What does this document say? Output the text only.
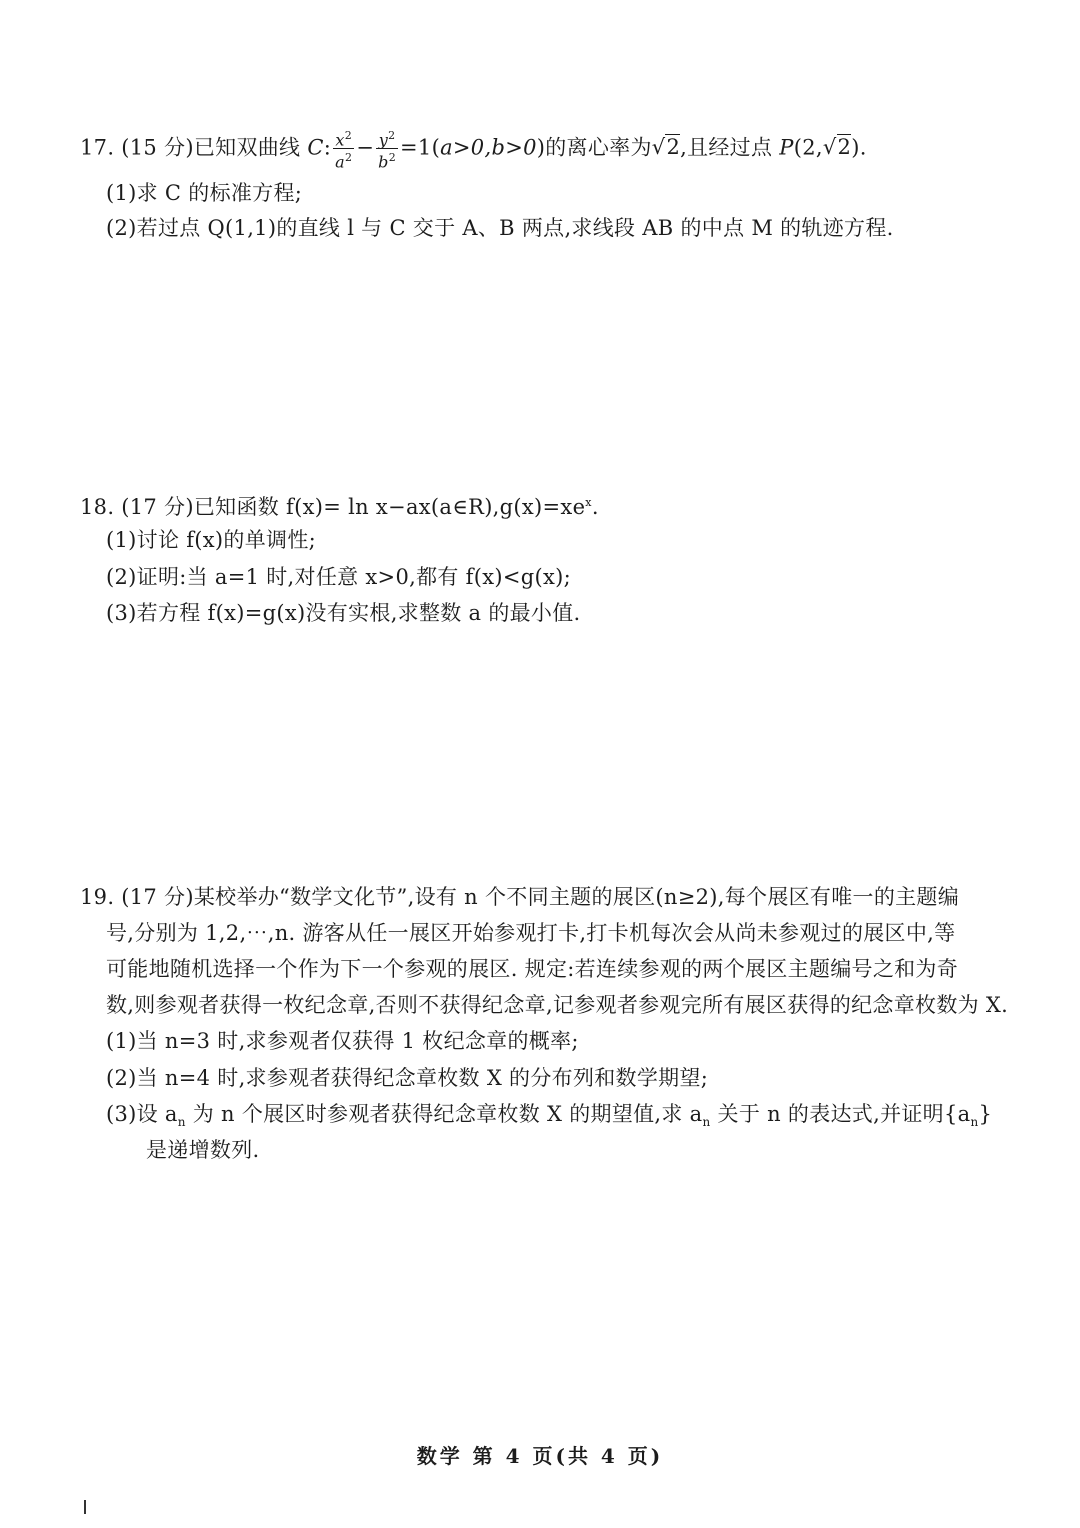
17. (15 分)已知双曲线 C: $\frac{x^2}{a^2} - \frac{y^2}{b^2} =1(a>0,b>0)$的离心率为√2,且经过点 P(2,√2).
(1)求 C 的标准方程;
(2)若过点 Q(1,1)的直线 l 与 C 交于 A、B 两点,求线段 AB 的中点 M 的轨迹方程.
18. (17 分)已知函数 $f(x)= \ln x-ax(a\in R),g(x)=xe^x$.
(1)讨论 f(x)的单调性;
(2)证明:当 a=1 时,对任意 x>0,都有 f(x)<g(x);
(3)若方程 f(x)=g(x)没有实根,求整数 a 的最小值.
19. (17 分)某校举办“数学文化节”,设有 n 个不同主题的展区(n≥2),每个展区有唯一的主题编
号,分别为 1,2,⋯,n. 游客从任一展区开始参观打卡,打卡机每次会从尚未参观过的展区中,等
可能地随机选择一个作为下一个参观的展区. 规定:若连续参观的两个展区主题编号之和为奇
数,则参观者获得一枚纪念章,否则不获得纪念章,记参观者参观完所有展区获得的纪念章枚数为 X.
(1)当 n=3 时,求参观者仅获得 1 枚纪念章的概率;
(2)当 n=4 时,求参观者获得纪念章枚数 X 的分布列和数学期望;
(3)设 $a_n$ 为 n 个展区时参观者获得纪念章枚数 X 的期望值,求 $a_n$ 关于 n 的表达式,并证明$\{a_n\}$
是递增数列.
数学 第 4 页(共 4 页)
